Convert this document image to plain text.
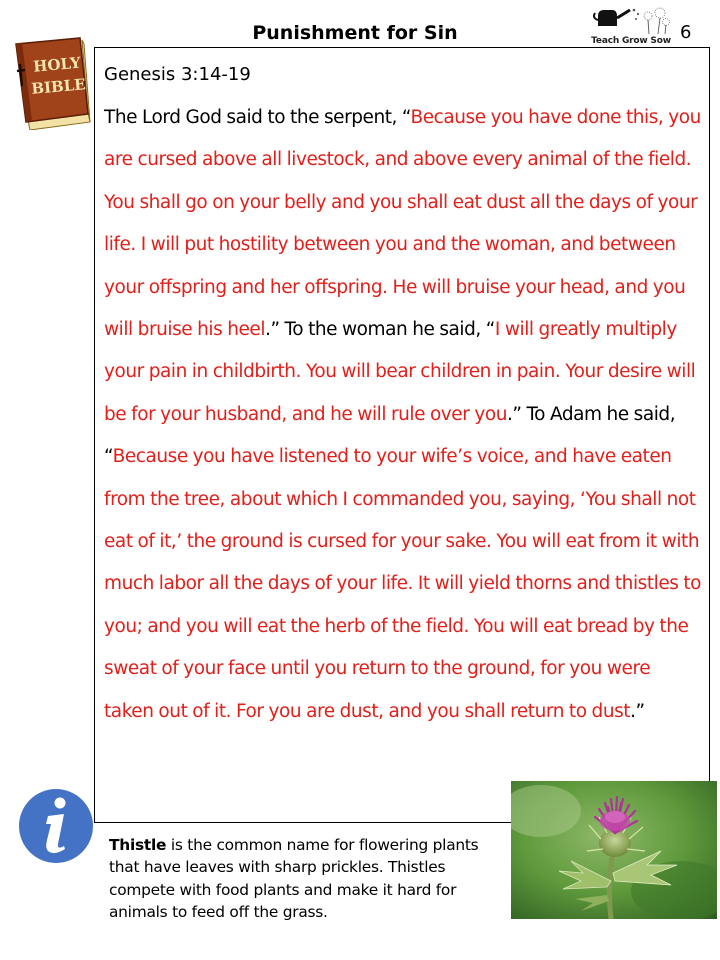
Punishment for Sin	Teach Grow Sow 6
HOLY
BIBLE
Genesis 3:14-19
The Lord God said to the serpent, “Because you have done this, you are cursed above all livestock, and above every animal of the field. You shall go on your belly and you shall eat dust all the days of your life. I will put hostility between you and the woman, and between your offspring and her offspring. He will bruise your head, and you will bruise his heel.” To the woman he said, “I will greatly multiply your pain in childbirth. You will bear children in pain. Your desire will be for your husband, and he will rule over you.” To Adam he said, “Because you have listened to your wife’s voice, and have eaten from the tree, about which I commanded you, saying, ‘You shall not eat of it,’ the ground is cursed for your sake. You will eat from it with much labor all the days of your life. It will yield thorns and thistles to you; and you will eat the herb of the field. You will eat bread by the sweat of your face until you return to the ground, for you were taken out of it. For you are dust, and you shall return to dust.”
Thistle is the common name for flowering plants that have leaves with sharp prickles. Thistles compete with food plants and make it hard for animals to feed off the grass.
